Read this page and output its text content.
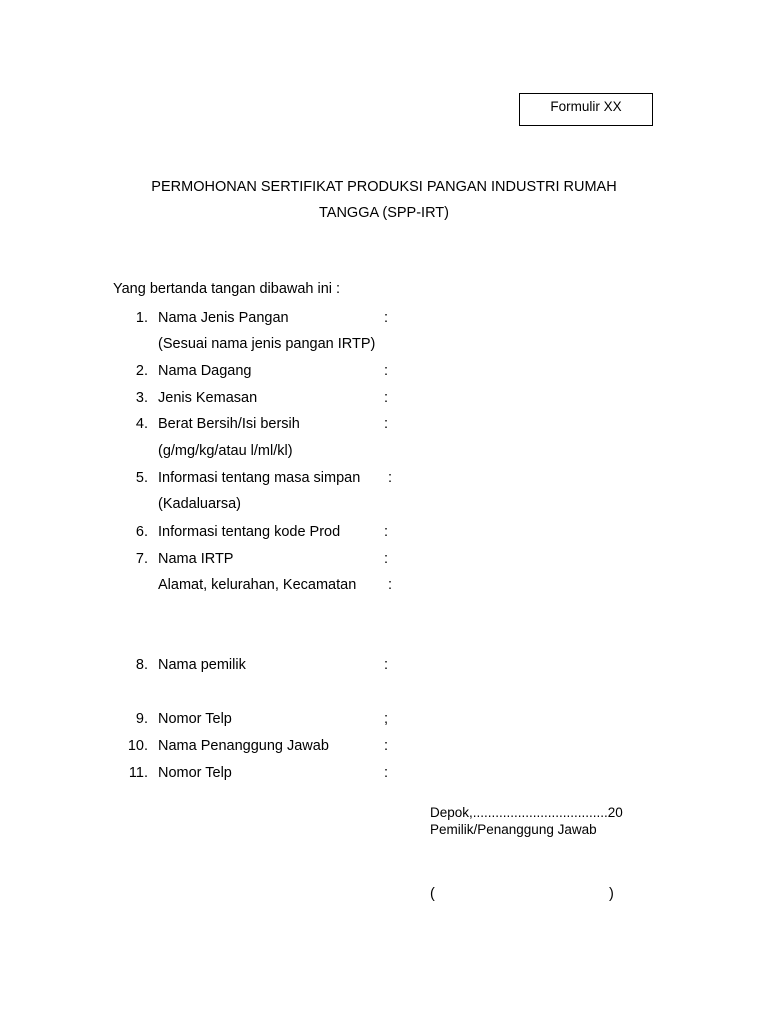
Formulir XX
PERMOHONAN SERTIFIKAT PRODUKSI PANGAN INDUSTRI RUMAH
TANGGA (SPP-IRT)
Yang bertanda tangan dibawah ini :
1. Nama Jenis Pangan	:
(Sesuai nama jenis pangan IRTP)
2. Nama Dagang	:
3. Jenis Kemasan	:
4. Berat Bersih/Isi bersih	:
(g/mg/kg/atau l/ml/kl)
5. Informasi tentang masa simpan :
(Kadaluarsa)
6. Informasi tentang kode Prod	:
7. Nama IRTP	:
Alamat, kelurahan, Kecamatan :
8. Nama pemilik	:
9. Nomor Telp	;
10. Nama Penanggung Jawab	:
11. Nomor Telp	:
Depok,....................................20
Pemilik/Penanggung Jawab
(	)
